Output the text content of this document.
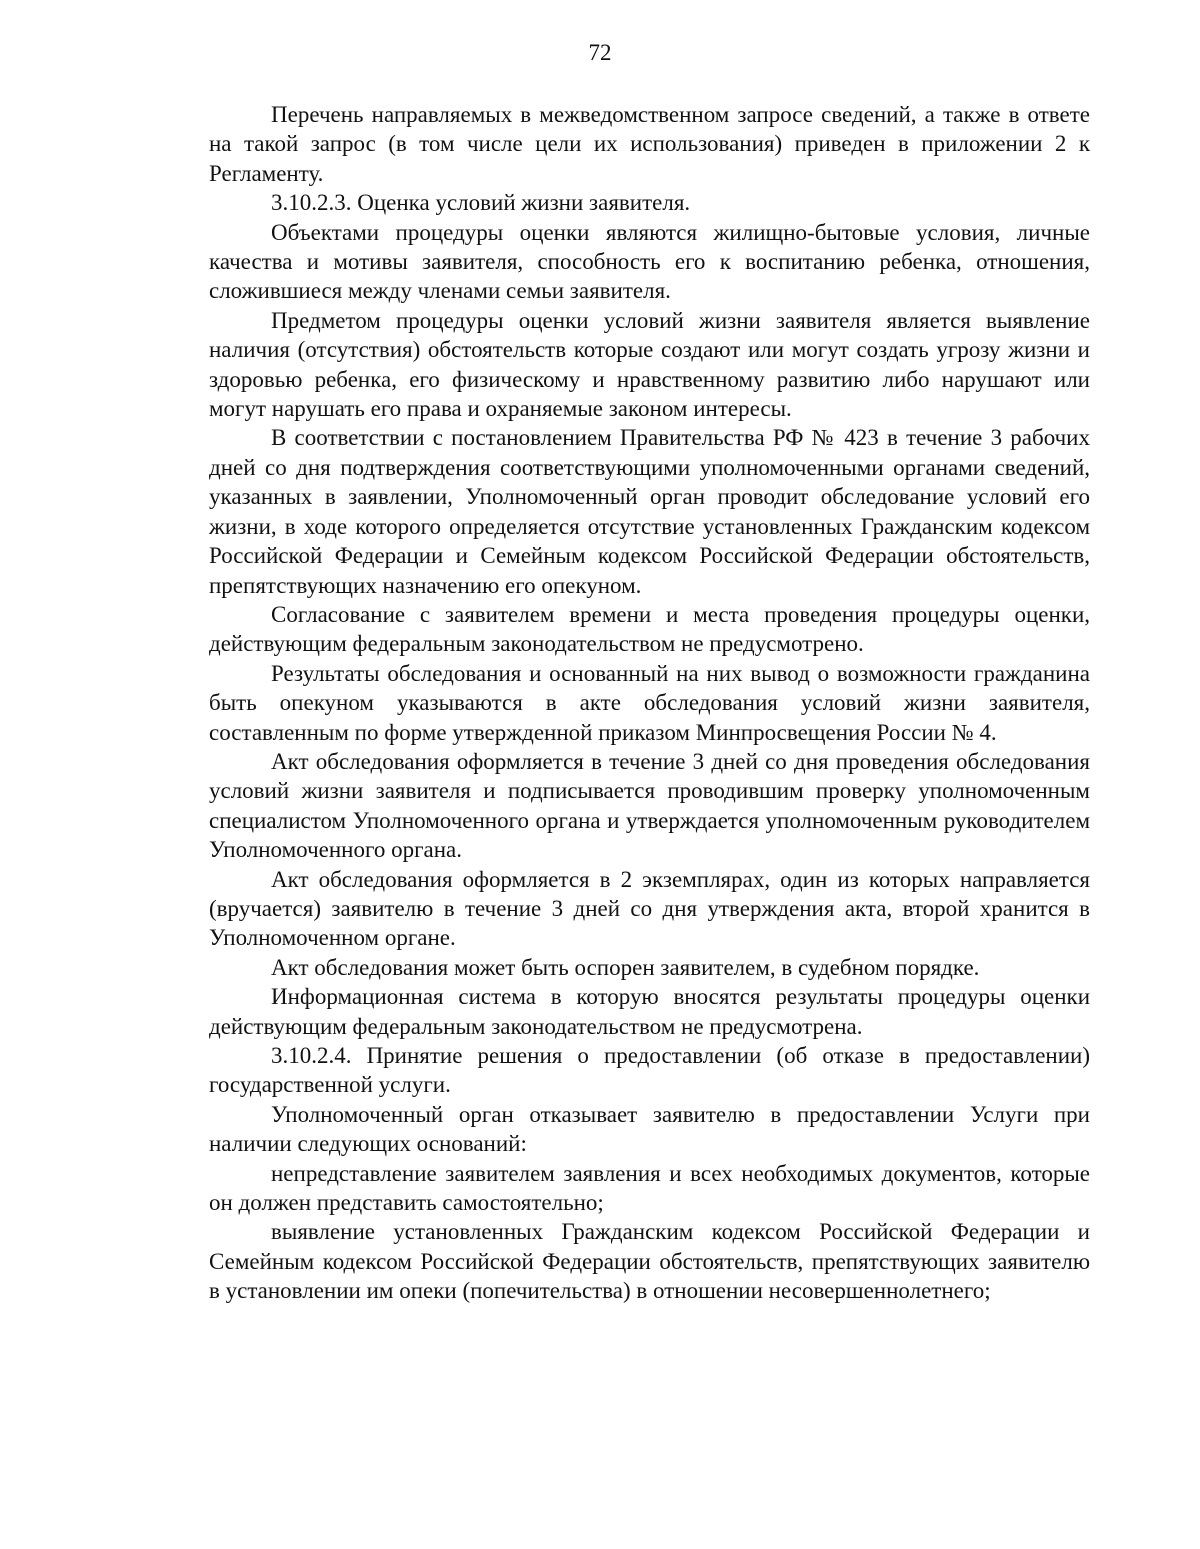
72

Перечень направляемых в межведомственном запросе сведений, а также в ответе на такой запрос (в том числе цели их использования) приведен в приложении 2 к Регламенту.

3.10.2.3. Оценка условий жизни заявителя.

Объектами процедуры оценки являются жилищно-бытовые условия, личные качества и мотивы заявителя, способность его к воспитанию ребенка, отношения, сложившиеся между членами семьи заявителя.

Предметом процедуры оценки условий жизни заявителя является выявление наличия (отсутствия) обстоятельств которые создают или могут создать угрозу жизни и здоровью ребенка, его физическому и нравственному развитию либо нарушают или могут нарушать его права и охраняемые законом интересы.

В соответствии с постановлением Правительства РФ № 423 в течение 3 рабочих дней со дня подтверждения соответствующими уполномоченными органами сведений, указанных в заявлении, Уполномоченный орган проводит обследование условий его жизни, в ходе которого определяется отсутствие установленных Гражданским кодексом Российской Федерации и Семейным кодексом Российской Федерации обстоятельств, препятствующих назначению его опекуном.

Согласование с заявителем времени и места проведения процедуры оценки, действующим федеральным законодательством не предусмотрено.

Результаты обследования и основанный на них вывод о возможности гражданина быть опекуном указываются в акте обследования условий жизни заявителя, составленным по форме утвержденной приказом Минпросвещения России № 4.

Акт обследования оформляется в течение 3 дней со дня проведения обследования условий жизни заявителя и подписывается проводившим проверку уполномоченным специалистом Уполномоченного органа и утверждается уполномоченным руководителем Уполномоченного органа.

Акт обследования оформляется в 2 экземплярах, один из которых направляется (вручается) заявителю в течение 3 дней со дня утверждения акта, второй хранится в Уполномоченном органе.

Акт обследования может быть оспорен заявителем, в судебном порядке.

Информационная система в которую вносятся результаты процедуры оценки действующим федеральным законодательством не предусмотрена.

3.10.2.4. Принятие решения о предоставлении (об отказе в предоставлении) государственной услуги.

Уполномоченный орган отказывает заявителю в предоставлении Услуги при наличии следующих оснований:

непредставление заявителем заявления и всех необходимых документов, которые он должен представить самостоятельно;

выявление установленных Гражданским кодексом Российской Федерации и Семейным кодексом Российской Федерации обстоятельств, препятствующих заявителю в установлении им опеки (попечительства) в отношении несовершеннолетнего;
